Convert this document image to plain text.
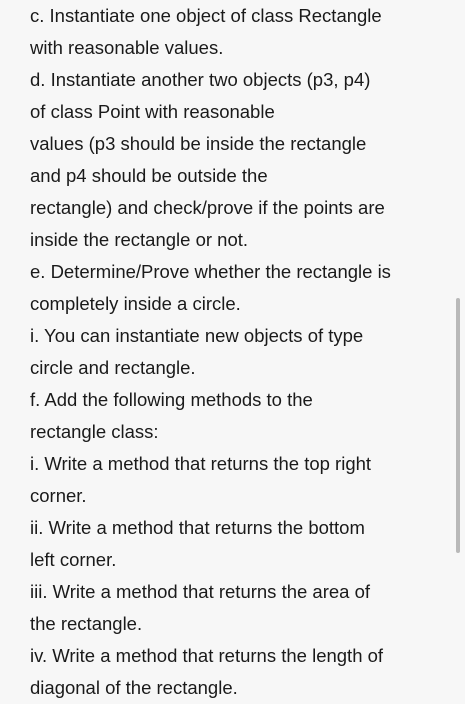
c. Instantiate one object of class Rectangle
with reasonable values.
d. Instantiate another two objects (p3, p4)
of class Point with reasonable
values (p3 should be inside the rectangle
and p4 should be outside the
rectangle) and check/prove if the points are
inside the rectangle or not.
e. Determine/Prove whether the rectangle is
completely inside a circle.
i. You can instantiate new objects of type
circle and rectangle.
f. Add the following methods to the
rectangle class:
i. Write a method that returns the top right
corner.
ii. Write a method that returns the bottom
left corner.
iii. Write a method that returns the area of
the rectangle.
iv. Write a method that returns the length of
diagonal of the rectangle.
